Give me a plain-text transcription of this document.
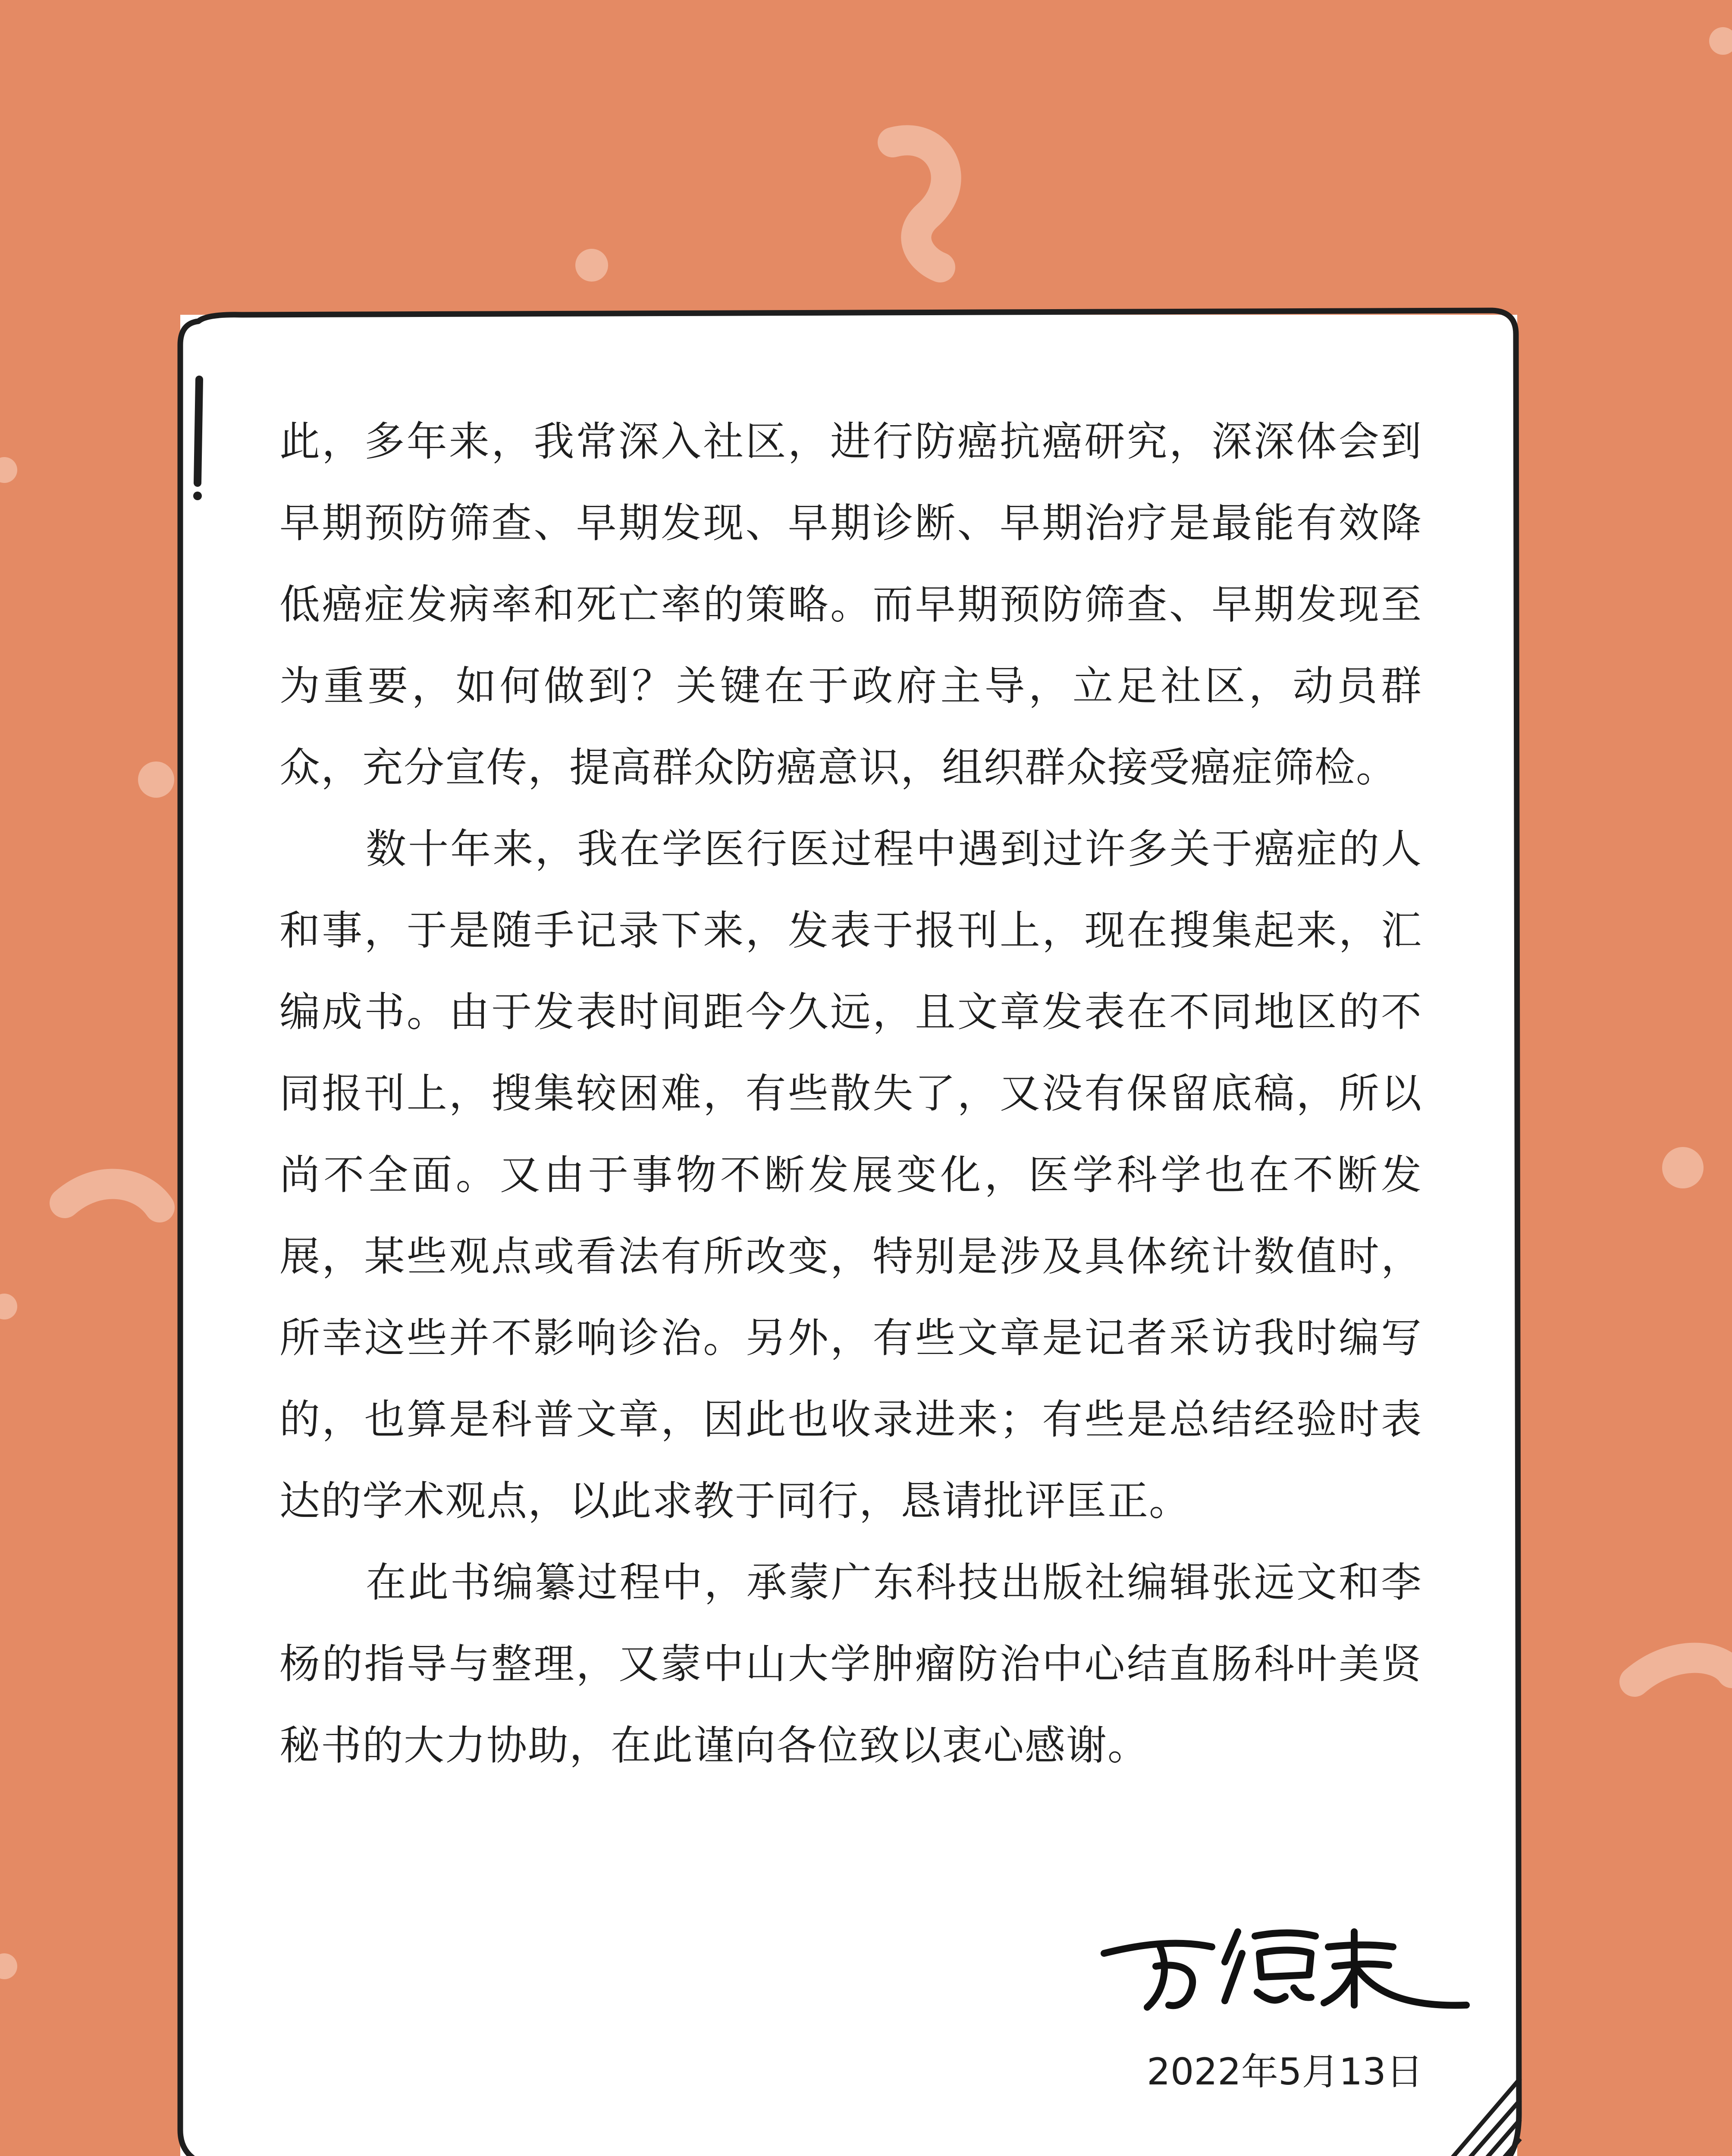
此，多年来，我常深入社区，进行防癌抗癌研究，深深体会到早期预防筛查、早期发现、早期诊断、早期治疗是最能有效降低癌症发病率和死亡率的策略。而早期预防筛查、早期发现至为重要，如何做到？关键在于政府主导，立足社区，动员群众，充分宣传，提高群众防癌意识，组织群众接受癌症筛检。

数十年来，我在学医行医过程中遇到过许多关于癌症的人和事，于是随手记录下来，发表于报刊上，现在搜集起来，汇编成书。由于发表时间距今久远，且文章发表在不同地区的不同报刊上，搜集较困难，有些散失了，又没有保留底稿，所以尚不全面。又由于事物不断发展变化，医学科学也在不断发展，某些观点或看法有所改变，特别是涉及具体统计数值时，所幸这些并不影响诊治。另外，有些文章是记者采访我时编写的，也算是科普文章，因此也收录进来；有些是总结经验时表达的学术观点，以此求教于同行，恳请批评匡正。

在此书编纂过程中，承蒙广东科技出版社编辑张远文和李杨的指导与整理，又蒙中山大学肿瘤防治中心结直肠科叶美贤秘书的大力协助，在此谨向各位致以衷心感谢。

2022年5月13日
